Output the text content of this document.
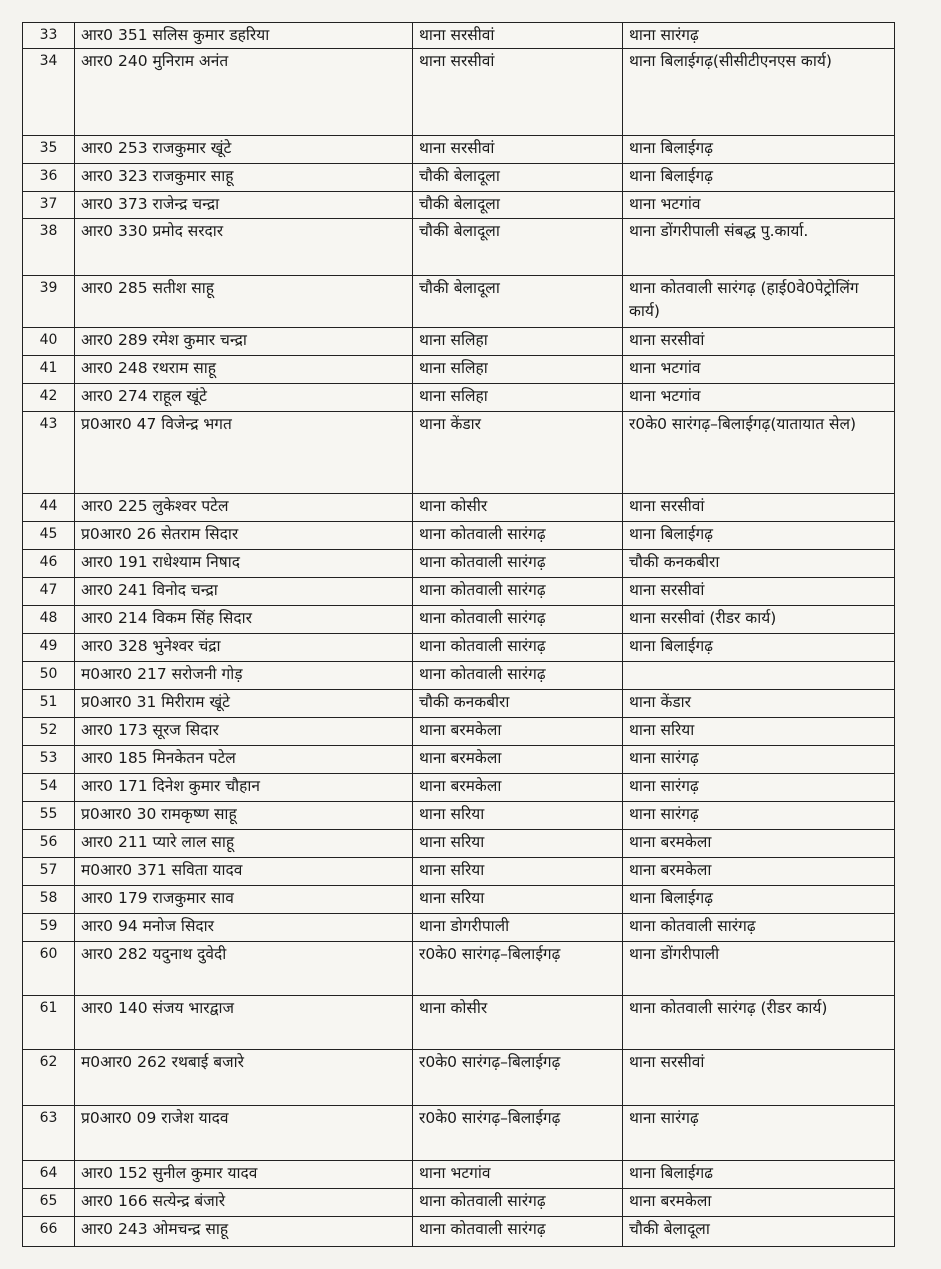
33	आर0 351 सलिस कुमार डहरिया	थाना सरसीवां	थाना सारंगढ़
34	आर0 240 मुनिराम अनंत	थाना सरसीवां	थाना बिलाईगढ़(सीसीटीएनएस कार्य)
35	आर0 253 राजकुमार खूंटे	थाना सरसीवां	थाना बिलाईगढ़
36	आर0 323 राजकुमार साहू	चौकी बेलादूला	थाना बिलाईगढ़
37	आर0 373 राजेन्द्र चन्द्रा	चौकी बेलादूला	थाना भटगांव
38	आर0 330 प्रमोद सरदार	चौकी बेलादूला	थाना डोंगरीपाली संबद्ध पु.कार्या.
39	आर0 285 सतीश साहू	चौकी बेलादूला	थाना कोतवाली सारंगढ़ (हाई0वे0पेट्रोलिंग कार्य)
40	आर0 289 रमेश कुमार चन्द्रा	थाना सलिहा	थाना सरसीवां
41	आर0 248 रथराम साहू	थाना सलिहा	थाना भटगांव
42	आर0 274 राहूल खूंटे	थाना सलिहा	थाना भटगांव
43	प्र0आर0 47 विजेन्द्र भगत	थाना केंडार	र0के0 सारंगढ़–बिलाईगढ़(यातायात सेल)
44	आर0 225 लुकेश्वर पटेल	थाना कोसीर	थाना सरसीवां
45	प्र0आर0 26 सेतराम सिदार	थाना कोतवाली सारंगढ़	थाना बिलाईगढ़
46	आर0 191 राधेश्याम निषाद	थाना कोतवाली सारंगढ़	चौकी कनकबीरा
47	आर0 241 विनोद चन्द्रा	थाना कोतवाली सारंगढ़	थाना सरसीवां
48	आर0 214 विकम सिंह सिदार	थाना कोतवाली सारंगढ़	थाना सरसीवां (रीडर कार्य)
49	आर0 328 भुनेश्वर चंद्रा	थाना कोतवाली सारंगढ़	थाना बिलाईगढ़
50	म0आर0 217 सरोजनी गोड़	थाना कोतवाली सारंगढ़	
51	प्र0आर0 31 मिरीराम खूंटे	चौकी कनकबीरा	थाना केंडार
52	आर0 173 सूरज सिदार	थाना बरमकेला	थाना सरिया
53	आर0 185 मिनकेतन पटेल	थाना बरमकेला	थाना सारंगढ़
54	आर0 171 दिनेश कुमार चौहान	थाना बरमकेला	थाना सारंगढ़
55	प्र0आर0 30 रामकृष्ण साहू	थाना सरिया	थाना सारंगढ़
56	आर0 211 प्यारे लाल साहू	थाना सरिया	थाना बरमकेला
57	म0आर0 371 सविता यादव	थाना सरिया	थाना बरमकेला
58	आर0 179 राजकुमार साव	थाना सरिया	थाना बिलाईगढ़
59	आर0 94 मनोज सिदार	थाना डोगरीपाली	थाना कोतवाली सारंगढ़
60	आर0 282 यदुनाथ दुवेदी	र0के0 सारंगढ़–बिलाईगढ़	थाना डोंगरीपाली
61	आर0 140 संजय भारद्वाज	थाना कोसीर	थाना कोतवाली सारंगढ़ (रीडर कार्य)
62	म0आर0 262 रथबाई बजारे	र0के0 सारंगढ़–बिलाईगढ़	थाना सरसीवां
63	प्र0आर0 09 राजेश यादव	र0के0 सारंगढ़–बिलाईगढ़	थाना सारंगढ़
64	आर0 152 सुनील कुमार यादव	थाना भटगांव	थाना बिलाईगढ
65	आर0 166 सत्येन्द्र बंजारे	थाना कोतवाली सारंगढ़	थाना बरमकेला
66	आर0 243 ओमचन्द्र साहू	थाना कोतवाली सारंगढ़	चौकी बेलादूला
